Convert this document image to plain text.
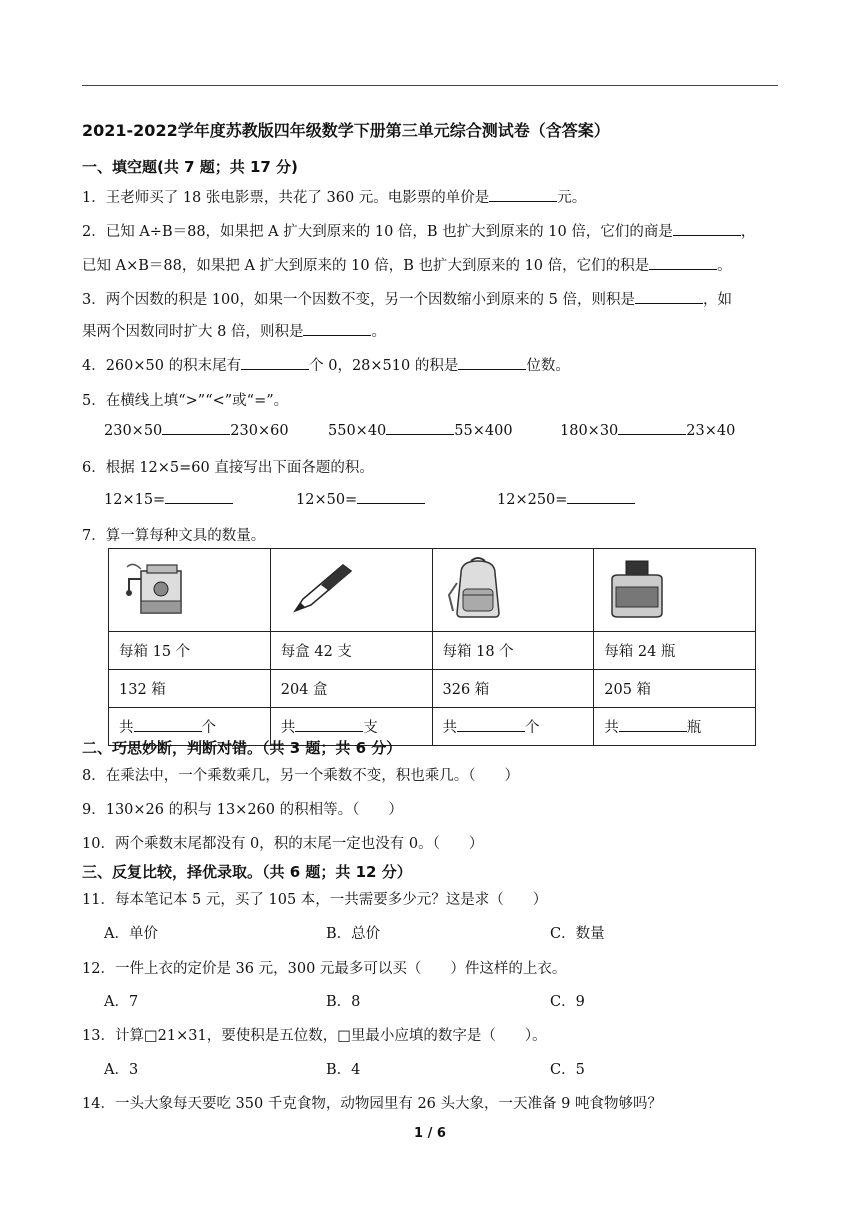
2021-2022学年度苏教版四年级数学下册第三单元综合测试卷（含答案）
一、填空题(共 7 题；共 17 分)
1．王老师买了 18 张电影票，共花了 360 元。电影票的单价是	元。
2．已知 A÷B＝88，如果把 A 扩大到原来的 10 倍，B 也扩大到原来的 10 倍，它们的商是	，
已知 A×B＝88，如果把 A 扩大到原来的 10 倍，B 也扩大到原来的 10 倍，它们的积是	。
3．两个因数的积是 100，如果一个因数不变，另一个因数缩小到原来的 5 倍，则积是	，如
果两个因数同时扩大 8 倍，则积是	。
4．260×50 的积末尾有	个 0，28×510 的积是	位数。
5．在横线上填“>”“<”或“=”。
230×50	230×60	550×40	55×400	180×30	23×40
6．根据 12×5=60 直接写出下面各题的积。
12×15=	12×50=	12×250=
7．算一算每种文具的数量。

每箱 15 个	每盒 42 支	每箱 18 个	每箱 24 瓶
132 箱	204 盒	326 箱	205 箱
共 个	共 支	共 个	共 瓶
二、巧思妙断，判断对错。（共 3 题；共 6 分）
8．在乘法中，一个乘数乘几，另一个乘数不变，积也乘几。（　　）
9．130×26 的积与 13×260 的积相等。（　　）
10．两个乘数末尾都没有 0，积的末尾一定也没有 0。（　　）
三、反复比较，择优录取。（共 6 题；共 12 分）
11．每本笔记本 5 元，买了 105 本，一共需要多少元？这是求（　　）
A．单价	B．总价	C．数量
12．一件上衣的定价是 36 元，300 元最多可以买（　　）件这样的上衣。
A．7	B．8	C．9
13．计算□21×31，要使积是五位数，□里最小应填的数字是（　　）。
A．3	B．4	C．5
14．一头大象每天要吃 350 千克食物，动物园里有 26 头大象，一天准备 9 吨食物够吗？
1 / 6
